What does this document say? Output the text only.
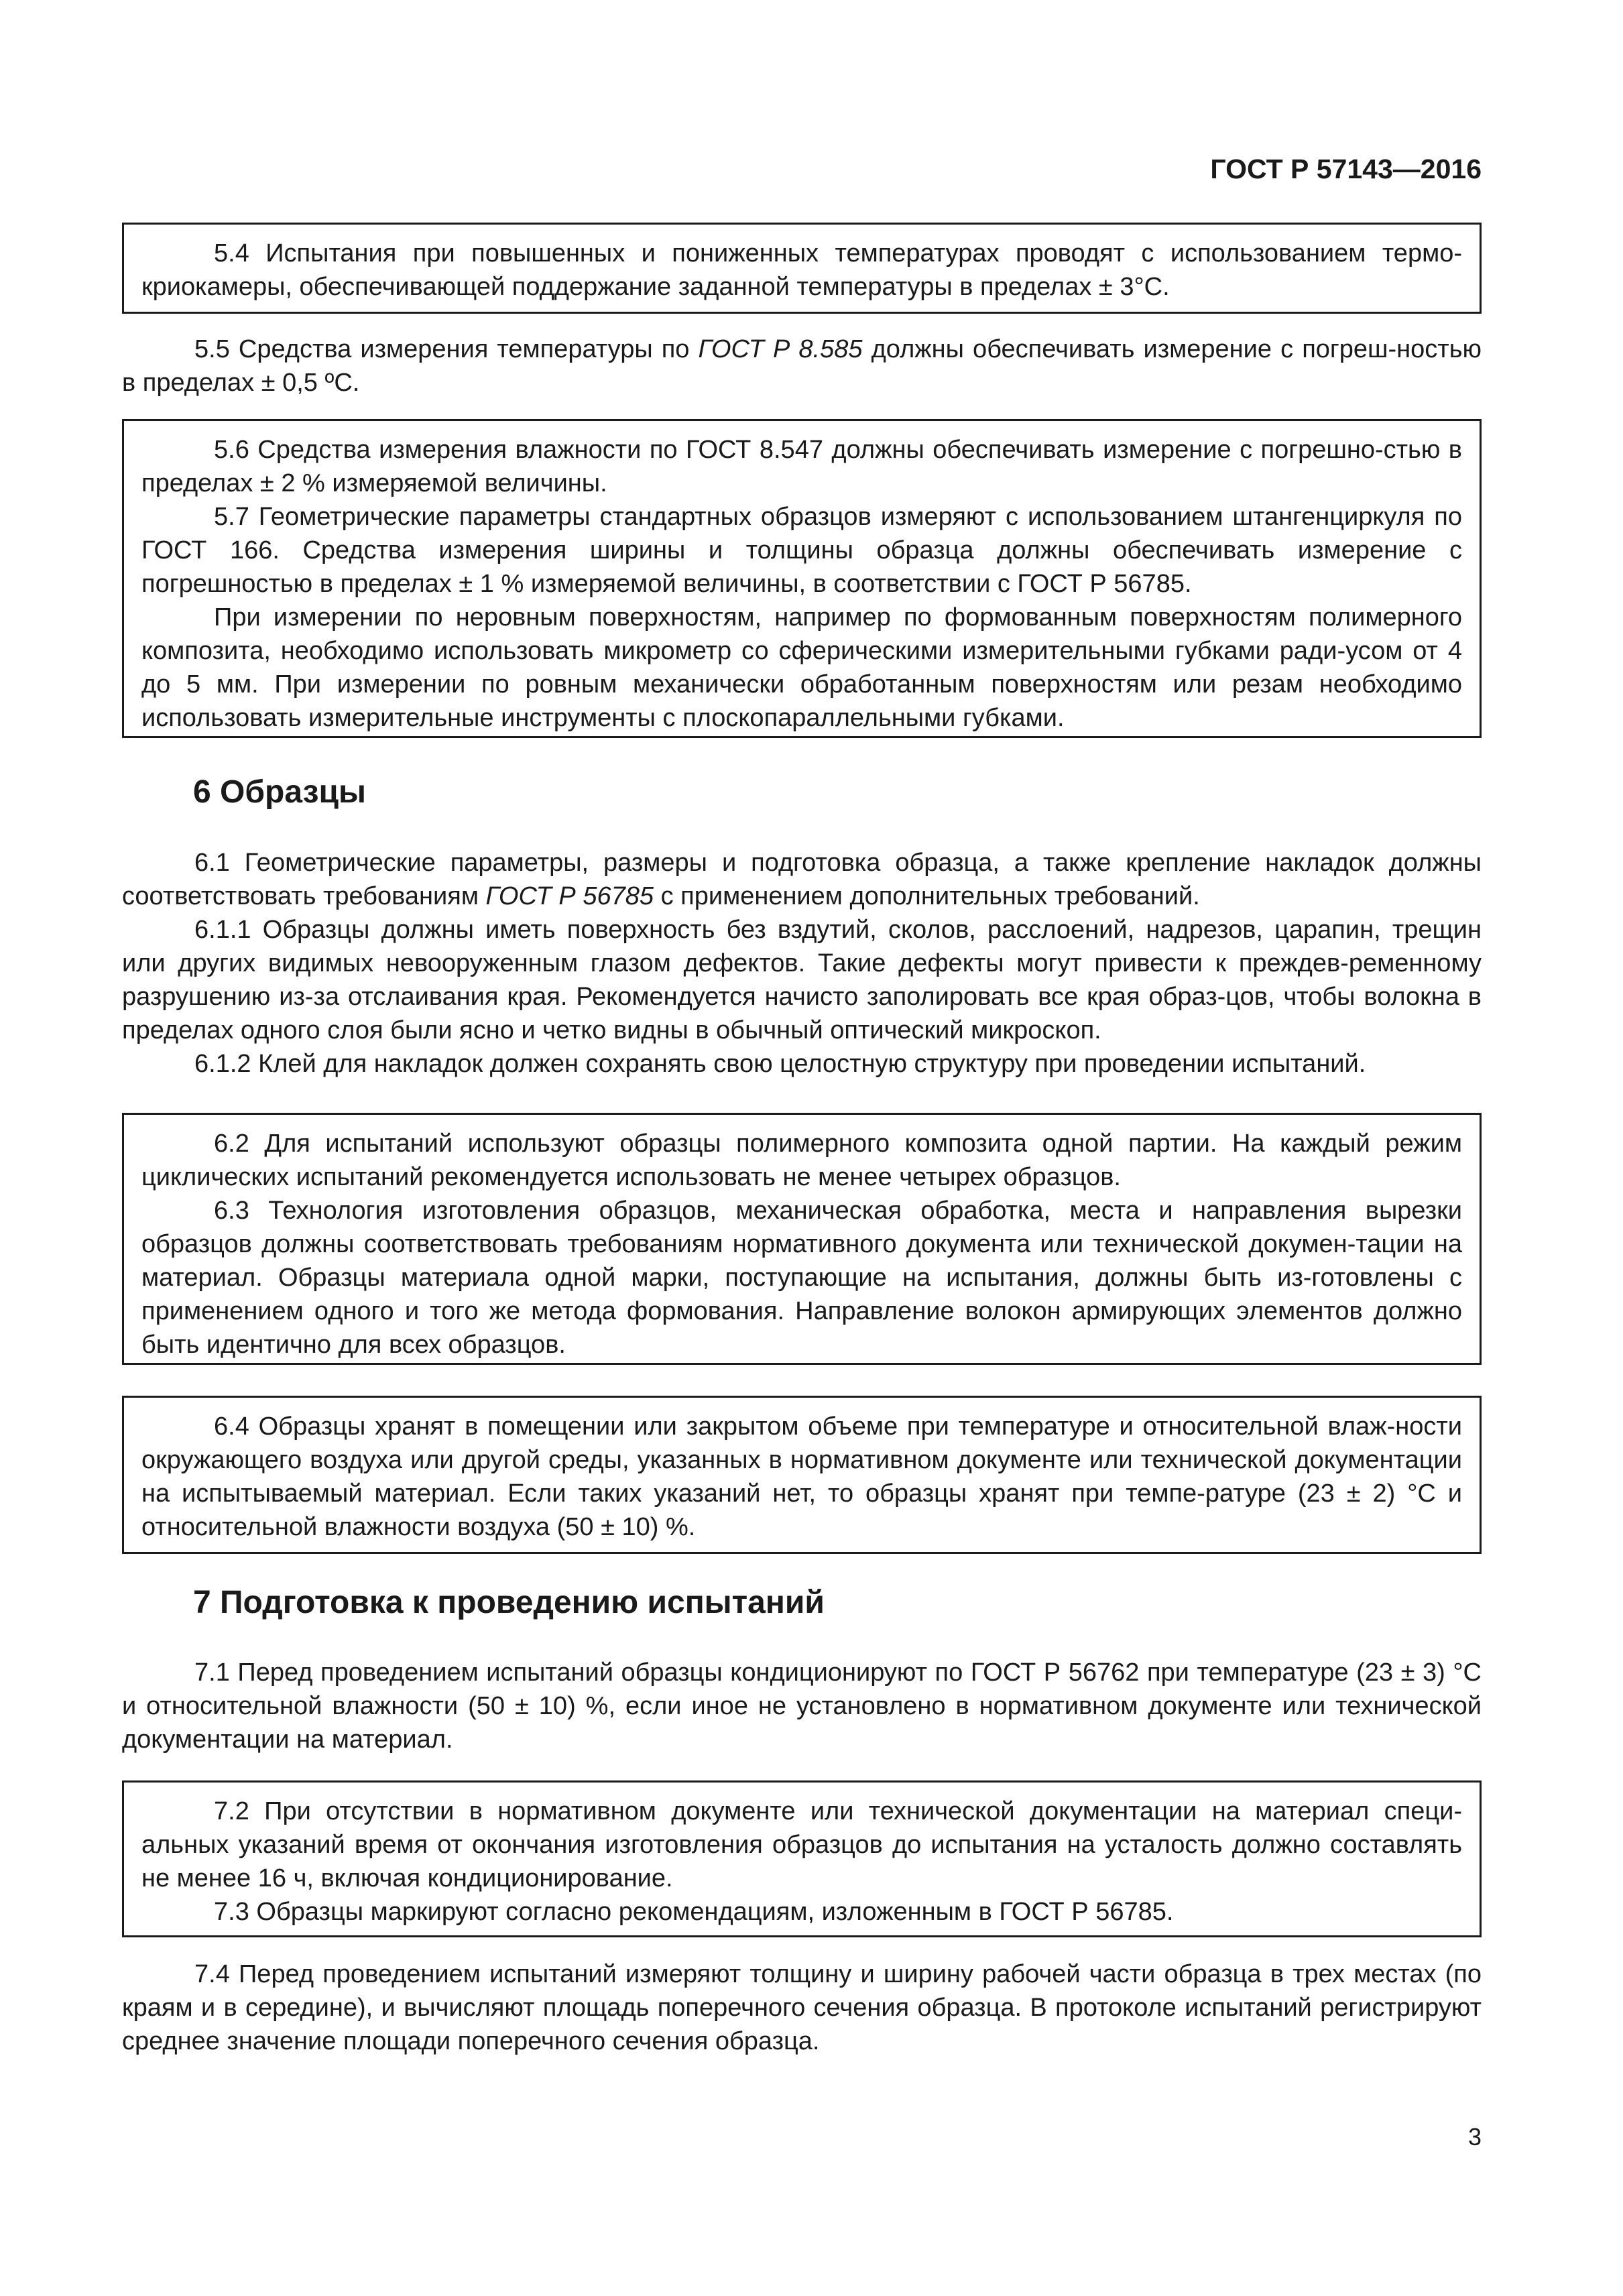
ГОСТ Р 57143—2016

5.4 Испытания при повышенных и пониженных температурах проводят с использованием термо-криокамеры, обеспечивающей поддержание заданной температуры в пределах ± 3°С.

5.5 Средства измерения температуры по ГОСТ Р 8.585 должны обеспечивать измерение с погреш-ностью в пределах ± 0,5 ºС.

5.6 Средства измерения влажности по ГОСТ 8.547 должны обеспечивать измерение с погрешно-стью в пределах ± 2 % измеряемой величины.

5.7 Геометрические параметры стандартных образцов измеряют с использованием штангенциркуля по ГОСТ 166. Средства измерения ширины и толщины образца должны обеспечивать измерение с погрешностью в пределах ± 1 % измеряемой величины, в соответствии с ГОСТ Р 56785.

При измерении по неровным поверхностям, например по формованным поверхностям полимерного композита, необходимо использовать микрометр со сферическими измерительными губками ради-усом от 4 до 5 мм. При измерении по ровным механически обработанным поверхностям или резам необходимо использовать измерительные инструменты с плоскопараллельными губками.

6 Образцы

6.1 Геометрические параметры, размеры и подготовка образца, а также крепление накладок должны соответствовать требованиям ГОСТ Р 56785 с применением дополнительных требований.

6.1.1 Образцы должны иметь поверхность без вздутий, сколов, расслоений, надрезов, царапин, трещин или других видимых невооруженным глазом дефектов. Такие дефекты могут привести к преждев-ременному разрушению из-за отслаивания края. Рекомендуется начисто заполировать все края образ-цов, чтобы волокна в пределах одного слоя были ясно и четко видны в обычный оптический микроскоп.

6.1.2 Клей для накладок должен сохранять свою целостную структуру при проведении испытаний.

6.2 Для испытаний используют образцы полимерного композита одной партии. На каждый режим циклических испытаний рекомендуется использовать не менее четырех образцов.

6.3 Технология изготовления образцов, механическая обработка, места и направления вырезки образцов должны соответствовать требованиям нормативного документа или технической докумен-тации на материал. Образцы материала одной марки, поступающие на испытания, должны быть из-готовлены с применением одного и того же метода формования. Направление волокон армирующих элементов должно быть идентично для всех образцов.

6.4 Образцы хранят в помещении или закрытом объеме при температуре и относительной влаж-ности окружающего воздуха или другой среды, указанных в нормативном документе или технической документации на испытываемый материал. Если таких указаний нет, то образцы хранят при темпе-ратуре (23 ± 2) °С и относительной влажности воздуха (50 ± 10) %.

7 Подготовка к проведению испытаний

7.1 Перед проведением испытаний образцы кондиционируют по ГОСТ Р 56762 при температуре (23 ± 3) °С и относительной влажности (50 ± 10) %, если иное не установлено в нормативном документе или технической документации на материал.

7.2 При отсутствии в нормативном документе или технической документации на материал специ-альных указаний время от окончания изготовления образцов до испытания на усталость должно составлять не менее 16 ч, включая кондиционирование.

7.3 Образцы маркируют согласно рекомендациям, изложенным в ГОСТ Р 56785.

7.4 Перед проведением испытаний измеряют толщину и ширину рабочей части образца в трех местах (по краям и в середине), и вычисляют площадь поперечного сечения образца. В протоколе испытаний регистрируют среднее значение площади поперечного сечения образца.

3
